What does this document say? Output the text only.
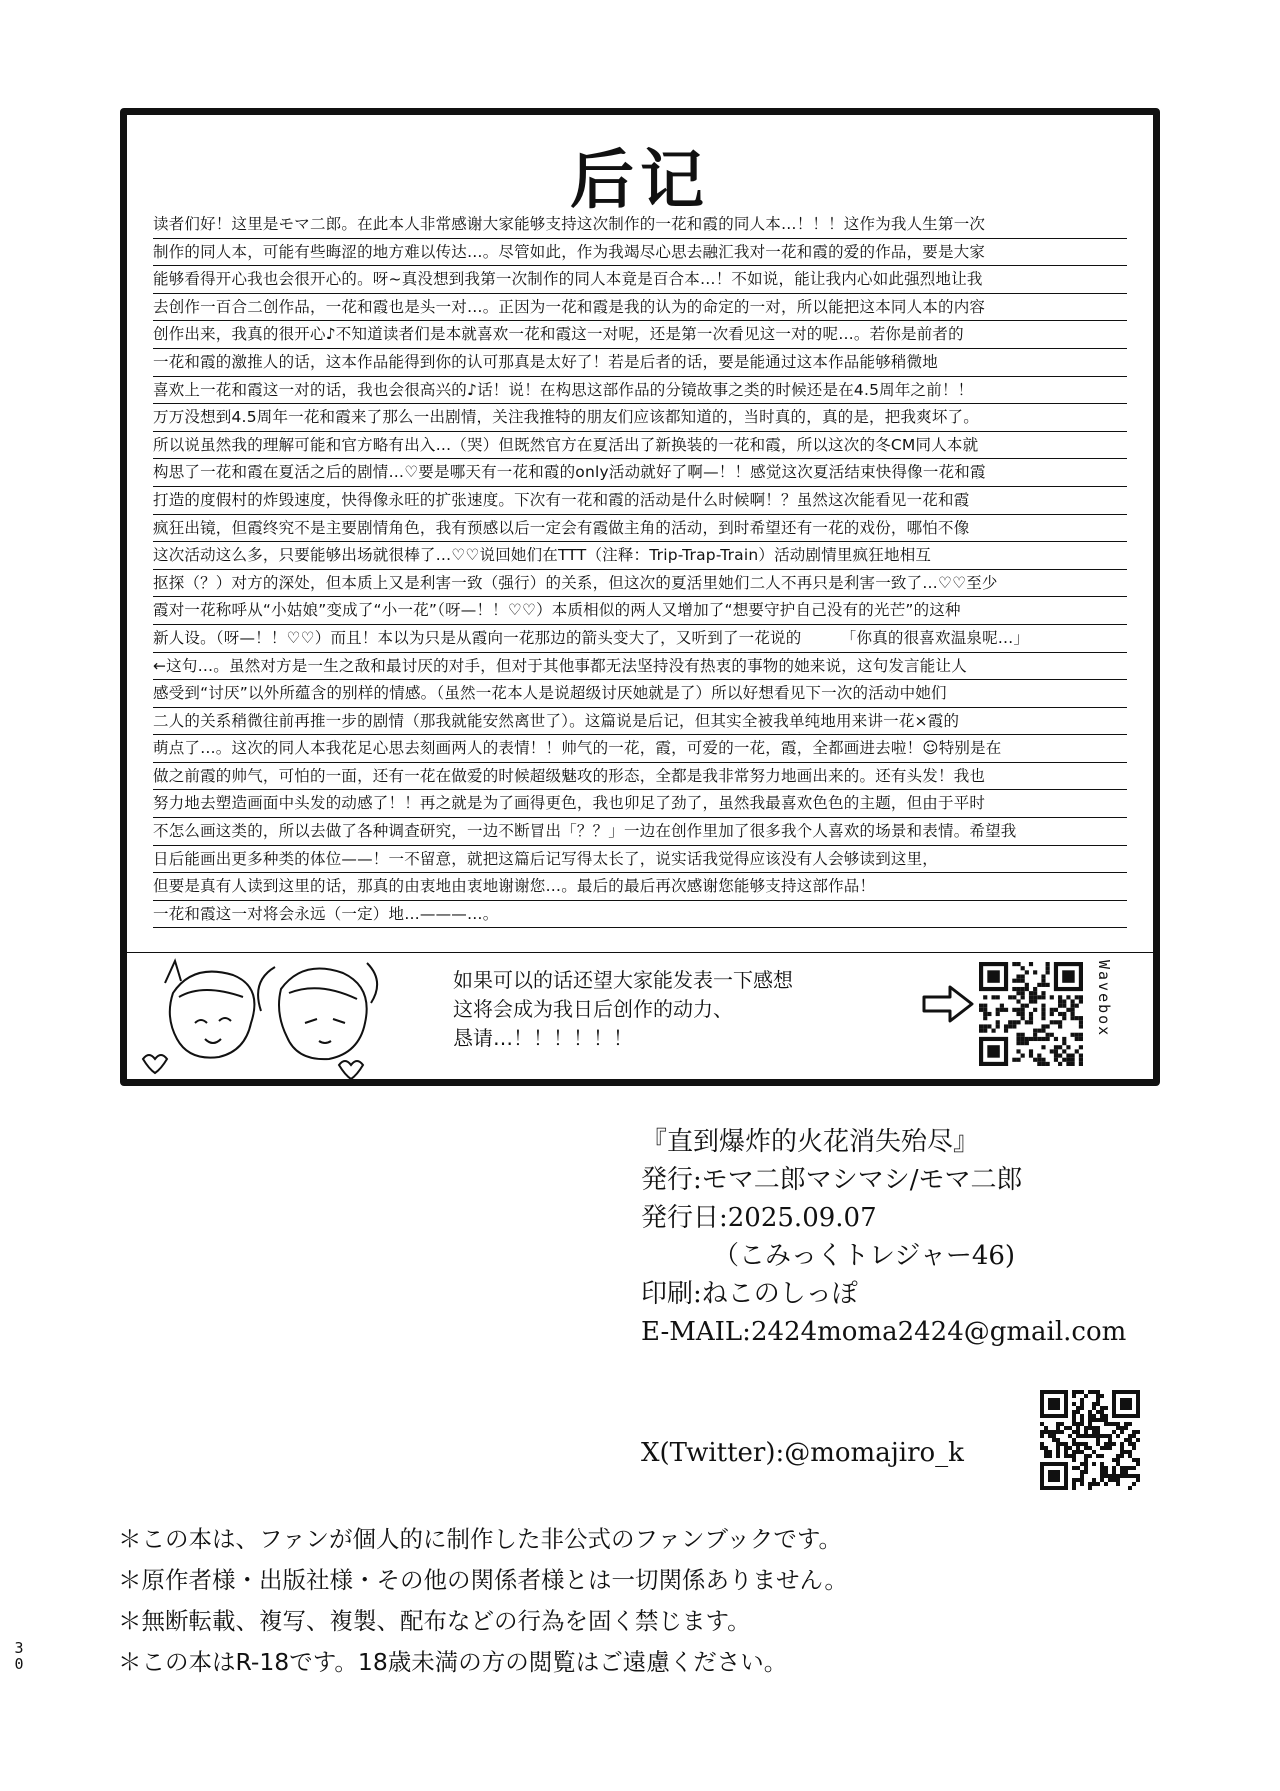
后记
读者们好！这里是モマ二郎。在此本人非常感谢大家能够支持这次制作的一花和霞的同人本…！！！这作为我人生第一次
制作的同人本，可能有些晦涩的地方难以传达…。尽管如此，作为我竭尽心思去融汇我对一花和霞的爱的作品，要是大家
能够看得开心我也会很开心的。呀~真没想到我第一次制作的同人本竟是百合本…！不如说，能让我内心如此强烈地让我
去创作一百合二创作品，一花和霞也是头一对…。正因为一花和霞是我的认为的命定的一对，所以能把这本同人本的内容
创作出来，我真的很开心♪不知道读者们是本就喜欢一花和霞这一对呢，还是第一次看见这一对的呢…。若你是前者的
一花和霞的激推人的话，这本作品能得到你的认可那真是太好了！若是后者的话，要是能通过这本作品能够稍微地
喜欢上一花和霞这一对的话，我也会很高兴的♪话！说！在构思这部作品的分镜故事之类的时候还是在4.5周年之前！！
万万没想到4.5周年一花和霞来了那么一出剧情，关注我推特的朋友们应该都知道的，当时真的，真的是，把我爽坏了。
所以说虽然我的理解可能和官方略有出入…（哭）但既然官方在夏活出了新换装的一花和霞，所以这次的冬CM同人本就
构思了一花和霞在夏活之后的剧情…♡要是哪天有一花和霞的only活动就好了啊—！！感觉这次夏活结束快得像一花和霞
打造的度假村的炸毁速度，快得像永旺的扩张速度。下次有一花和霞的活动是什么时候啊！？虽然这次能看见一花和霞
疯狂出镜，但霞终究不是主要剧情角色，我有预感以后一定会有霞做主角的活动，到时希望还有一花的戏份，哪怕不像
这次活动这么多，只要能够出场就很棒了…♡♡说回她们在TTT（注释：Trip-Trap-Train）活动剧情里疯狂地相互
抠探（？）对方的深处，但本质上又是利害一致（强行）的关系，但这次的夏活里她们二人不再只是利害一致了…♡♡至少
霞对一花称呼从“小姑娘”变成了“小一花”（呀—！！♡♡）本质相似的两人又增加了“想要守护自己没有的光芒”的这种
新人设。（呀—！！♡♡）而且！本以为只是从霞向一花那边的箭头变大了，又听到了一花说的　　　「你真的很喜欢温泉呢…」
←这句…。虽然对方是一生之敌和最讨厌的对手，但对于其他事都无法坚持没有热衷的事物的她来说，这句发言能让人
感受到“讨厌”以外所蕴含的别样的情感。（虽然一花本人是说超级讨厌她就是了）所以好想看见下一次的活动中她们
二人的关系稍微往前再推一步的剧情（那我就能安然离世了）。这篇说是后记，但其实全被我单纯地用来讲一花×霞的
萌点了…。这次的同人本我花足心思去刻画两人的表情！！帅气的一花，霞，可爱的一花，霞，全都画进去啦！☺特别是在
做之前霞的帅气，可怕的一面，还有一花在做爱的时候超级魅攻的形态，全都是我非常努力地画出来的。还有头发！我也
努力地去塑造画面中头发的动感了！！再之就是为了画得更色，我也卯足了劲了，虽然我最喜欢色色的主题，但由于平时
不怎么画这类的，所以去做了各种调查研究，一边不断冒出「？？」一边在创作里加了很多我个人喜欢的场景和表情。希望我
日后能画出更多种类的体位——！一不留意，就把这篇后记写得太长了，说实话我觉得应该没有人会够读到这里，
但要是真有人读到这里的话，那真的由衷地由衷地谢谢您…。最后的最后再次感谢您能够支持这部作品！
一花和霞这一对将会永远（一定）地…———…。
如果可以的话还望大家能发表一下感想
这将会成为我日后创作的动力、
恳请…！！！！！！
Wavebox
『直到爆炸的火花消失殆尽』
発行:モマ二郎マシマシ/モマ二郎
発行日:2025.09.07
（こみっくトレジャー46)
印刷:ねこのしっぽ
E-MAIL:2424moma2424@gmail.com
X(Twitter):@momajiro_k
＊この本は、ファンが個人的に制作した非公式のファンブックです。
＊原作者様・出版社様・その他の関係者様とは一切関係ありません。
＊無断転載、複写、複製、配布などの行為を固く禁じます。
＊この本はR-18です。18歳未満の方の閲覧はご遠慮ください。
3
0
